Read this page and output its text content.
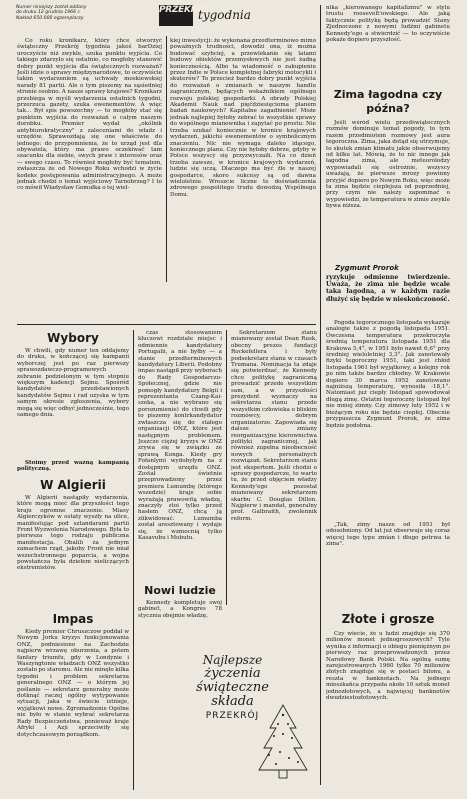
Numer niniejszy został oddany

do druku 12 grudnia 1966 r.

Nakład 650.000 egzemplarzy.

PRZEKRÓJ
tygodnia

Co roku kronikarz, który chce otworzyć świąteczny Przekrój tygodnia jakoś barDziej uroczyście niż zwykle, szuka punktu wyjścia. Co takiego zdarzyło się ostatnio, co mogłoby stanowić dobry punkt wyjścia dla świątecznych rozważań? Jeśli idzie o sprawy międzynarodowe, to oczywiście takim wydarzeniem są uchwały moskiewskiej narady 81 partii. Ale o tym piszemy na sąsiedniej stronie osobno. A nasze sprawy krajowe? Kronikarz przebiega w myśli wydarzenia ostatnich tygodni, przerzuca gazety, szuka ewenementów. A więc tak... Był spis powszechny — to mogłoby stać się punktem wyjścia do rozważań o całym naszym dorobku. Premier wydał „okólnik antybiurokratyczny" z zaleceniami do władz i urzędów. Sprawozdają się one właściwie do jednego: do przypomnienia, że to urząd jest dla obywatela, który ma prawo oczekiwać tam szacunku dla siebie, swych praw i interesów oraz — swego czasu. To również mogłoby być tematem, zwłaszcza że od Nowego Roku wchodzi w życie kodeks postępowania administracyjnego. A może jednak chodzi o temat wyjściowy Tarnobrzeg? I to co mówił Władysław Gomułka o tej wiel-

kiej inwestycji: że wykonana przedterminowo mimo poważnych trudności, dowodzi ona, iż można budować szybciej, a przewlekanie się latami budowy obiektów przemysłowych nie jest żadną koniecznością. Albo ta wiadomość o zakupieniu przez Indie w Polsce kompletnej fabryki motocykli i skuterów? To przecież bardzo dobry punkt wyjścia do rozważań o zmianach w naszym handlu zagranicznym, będących wskaźnikiem ogólnego rozwoju polskiej gospodarki. A obrady Polskiej Akademii Nauk nad pięćdziesięcioma planem badań naukowych? Kapitalne zagadnienie! Może jednak najlepiej byłoby zebrać te wszystkie sprawy do wspólnego mianownika i zapytać po prostu: Nie trzeba szukać koniecznie w kronice krajowych wydarzeń, jakichś ewenementów o symbolicznym znaczeniu. Nic nie wymaga daleko idącego, koniecznego planu. Czy nie byłoby dobrze, gdyby w Polsce wszyscy się przyzwyczaili. Na co dzień trzeba zawsze, w kronice krajowych wydarzeń, ludzie się uczą. Dlaczego ma być źle w naszej gospodarce, skoro sukcesy są od dawna wieloletnie. Wreszcie liczne te doświadczenia zdrowego pospolitego trudu dowodzą Wspólnego Domu.

Wybory

W chwili, gdy numer ten oddajemy do druku, w kończącej się kampanii wyborczej jest po raz pierwszy sprawozdawczo-programowych zebranie podzielonym w tym stopniu większym kadencji Sejmu. Spośród kandydatów przedstawionych kandydatów Sejmu i rad uzyska w tym samym okresie zgłoszenia, wybory mogą się więc odbyć jednocześnie, tego samego dnia.

Stoimy przed ważną kampanią polityczną.

W Algierii

W Algierii nastąpiły wydarzenia, które mogą mieć dla przyszłości tego kraju ogromne znaczenie. Miasy Algierczyków w ostaty wyszły na ulice, manifestując pod sztandarami partii Front Wyzwolenia Narodowego. Była to pierwsza tego rodzaju publiczna manifestacja. Obalili za jednym zamachem rząd, jakoby Front nie miał wszechstronnego poparcia, a wojna powstańcza była dziełem nieliczących ekstremistów.

Impas

Kiedy premier Chruszczow poddał w Nowym Jorku kryzys funkcjonowania ONZ, podniesiono na Zachodzie najpierw wrzawę oburzenia, a potem fanfary triumfu, gdy w Londynie i Waszyngtonie władzach ONZ wszystko zostało po staremu. Ale nie minęło kilka tygodni i problem sekretarza generalnego ONZ — o którym jej poślanie — sekretarz generalny może dotknąć raczej ogólny wytypowanie sytuacji, jaka w świecie istnieje, wyjątkowi nowe. Zgromadzenie Ogólne nie było w stanie wybrać sekretarza Rady Bezpieczeństwa, ponieważ kraje Afryki i Azji sprzeciwiły się dotychczasowym porządkom.

czas stosowaniem kluczowi rozdziale miejsc i odmiennie kandydatury Portugalii, a nie byłby — a stanie przedterminowych kandydatury Liberii. Podobny impas nastąpił przy wyborach do Rady Gospodarczo-Społecznej, gdzie nie pomogły kandydatury Belgii i reprezentanta Czang-Kai-szeka, a nie wybrano się porozumienie) do chwili gdy to piszemy kontrkandydatur zwłaszcza się do stałego organizacji ONZ, które jest następnym problemem. Jeszcze ciężej kryzys w ONZ zrywa się w związku ze sprawą Konga. Kiedy gry Fofanlymi wydobyłym na z dostępnym urzędu ONZ. Został świetnie przeprowadzony przez premiera Lumumbę (którego wszedzie) kraje sobie wyrażają prawowitą władzę, znaczyły stoi tylko przed hasłem ONZ, chcą ją zlikwidować. Lumumba został aresztowany i wydaje się, że wzmocnią tylko Kasavubu i Mobutu.

Sekretarzem stanu mianowany został Dean Rusk, obecny prezes fundacji Rockefellera i były podsekretarz stanu w czasach Trumana. Nominacja ta zdaje się potwierdzać, że Kennedy chce politykę zagraniczną prowadzić przede wszystkim sam, a w przyszłości prezydent wyznaczy na sekretarza stanu przede wszystkim człowieka o bliskim rozmówcy, dobrym organizatorze. Zapowiada się dalsze zmiany reorganizacyjne kierownictwa polityki zagranicznej, jak również zupełna nieobecność nowych personalnych rozwiązań. Sekretarzem stanu jest ekspertem. Jeśli chodzi o sprawy gospodarcze, to warto tu, że przed objęciem władzy Kennedy'ego pozostał mianowany sekretarzem skarbu C. Douglas Dillon. Najpierw i mandat, generalny prof. Galbraith, zwolennik reform.

Nowi ludzie

Kennedy kompletuje swój gabinet, a Kongres 78 stycznia obejmie władzę.

Najlepsze

życzenia

świąteczne

składa

PRZEKRÓJ

nika „kierowanego kapitalizmu" w stylu trustu roosevelt'owskiego. Ale jaką faktycznie politykę będą prowadzić Stany Zjednoczone z nowymi ludźmi gabinetu Kennedy'ego a stwierdzić — to oczywiście pokaże dopiero przyszłość.

Zima łagodna czy późna?

Jeśli wśród wielu przedświątecznych rozmów dominuje temat pogody, to tym razem przedmiotem rozmowy jest aura tegoroczna. Zima, jaka dotąd się utrzymuje, to skutek zmian klimatu jakie obserwujemy od kilku lat. Mówią, że to nic innego jak łagodna zima, ale meteorolodzy wypowiadali się ostrożnie, wszyscy uważają, że pierwsze mrozy powinny przyjść dopiero po Nowym Roku, więc może ta zima będzie cieplejsza od poprzedniej, przy czym nie należy zapominać o wypowiedzi, że temperatura w zimie zwykle bywa niższa.

Zygmunt Prorok

ryzykuje odmienne twierdzenie. Uważa, że zima nie będzie wcale taka łagodna, a w każdym razie dłużyć się będzie w nieskończoność.

Pogoda tegorocznego listopada wykazuje analogie także z pogodą listopada 1951. Ówczesna temperatura przekroczyła średnią temperatura listopada 1951 dla Krakowa 5,4°, w 1951 było nawet 6,6° przy średniej wieloletniej 3,3°. Jak zanotowały fizyki tegoroczny 1951, taki jest chłód listopada 1961 był wyjątkowy, a kolejny rok po nim także bardzo chłodny. W Krakowie dopiero 30 marca 1952 zanotowano najniższą temperaturę, wynosiła -18,1°. Natomiast już ciepły listopad spowodował długą zimę. Ostatni tegoroczny listopad był nie mniej zimny. Czy zimowy luty 1952 i w bieżącym roku nie będzie ciepłej. Obecnie przypuszcza Zygmunt Prorok, że zima będzie podobna.

„Tak, zimy nasze od 1951 był odosobniony. Od lat już obserwuje się coraz więcej tego typu zmian i długo potrwa ta zima".

Złote i grosze

Czy wiecie, że u ludzi znajduje się 370 milionów monet jednogroszowych? Tyle wynika z informacji o obiegu pieniężnym po pierwszy raz przeprowadzonych przez Narodowy Bank Polski. Na ogólną sumę zarejestrowanych 1960 tylko 70 milionów złotych znajduje się w postaci bilonu, a reszta w banknotach. Na jednego mieszkańca przypada około 10 sztuk monet jednozłotowych, a najwięcej banknotów dwudziestozłotowych.
